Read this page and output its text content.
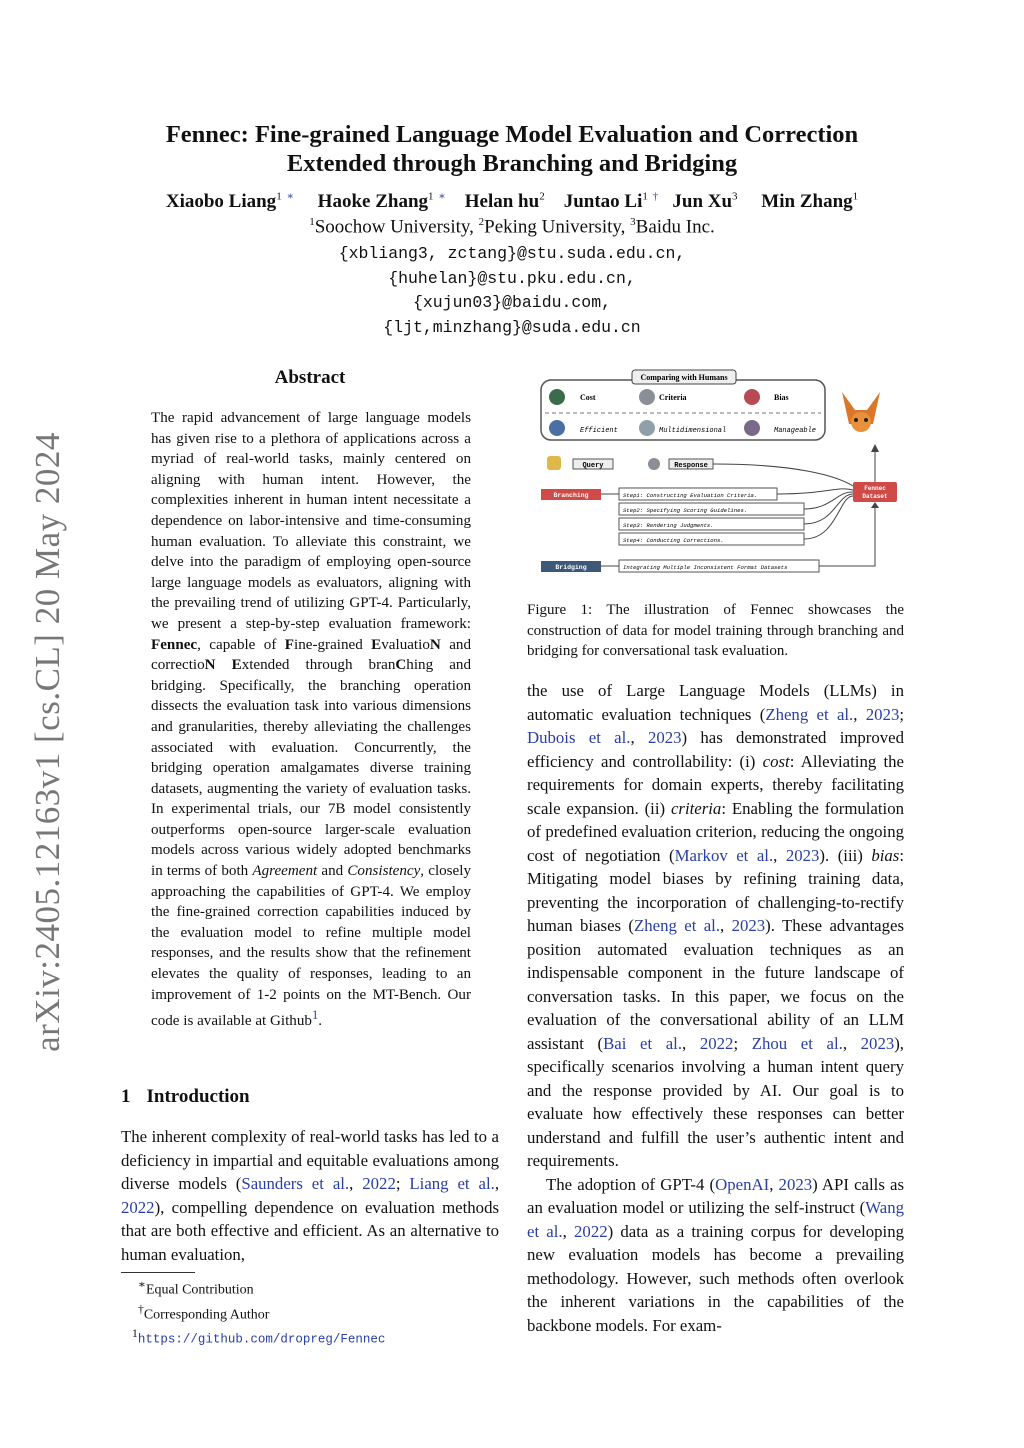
arXiv:2405.12163v1 [cs.CL] 20 May 2024
Fennec: Fine-grained Language Model Evaluation and Correction
Extended through Branching and Bridging
Xiaobo Liang$^1$ ∗ Haoke Zhang$^1$ ∗ Helan $hu^2$ Juntao Li$^1$ † Jun Xu$^3$ Min Zhang$^1$
$^1$Soochow University, $^2$Peking University, $^3$Baidu Inc.
{xbliang3, zctang}@stu.suda.edu.cn,
{huhelan}@stu.pku.edu.cn,
{xujun03}@baidu.com,
{ljt,minzhang}@suda.edu.cn
Abstract
The rapid advancement of large language models has given rise to a plethora of applications across a myriad of real-world tasks, mainly centered on aligning with human intent. However, the complexities inherent in human intent necessitate a dependence on labor-intensive and time-consuming human evaluation. To alleviate this constraint, we delve into the paradigm of employing open-source large language models as evaluators, aligning with the prevailing trend of utilizing GPT-4. Particularly, we present a step-by-step evaluation framework: Fennec, capable of Fine-grained EvaluatioN and correctioN Extended through branChing and bridging. Specifically, the branching operation dissects the evaluation task into various dimensions and granularities, thereby alleviating the challenges associated with evaluation. Concurrently, the bridging operation amalgamates diverse training datasets, augmenting the variety of evaluation tasks. In experimental trials, our 7B model consistently outperforms open-source larger-scale evaluation models across various widely adopted benchmarks in terms of both Agreement and Consistency, closely approaching the capabilities of GPT-4. We employ the fine-grained correction capabilities induced by the evaluation model to refine multiple model responses, and the results show that the refinement elevates the quality of responses, leading to an improvement of 1-2 points on the MT-Bench. Our code is available at Github$^1$.
1 Introduction
The inherent complexity of real-world tasks has led to a deficiency in impartial and equitable evaluations among diverse models (Saunders et al., 2022; Liang et al., 2022), compelling dependence on evaluation methods that are both effective and efficient. As an alternative to human evaluation,
∗Equal Contribution
†Corresponding Author
$^1$https://github.com/dropreg/Fennec
Comparing with Humans
Cost	Criteria	Bias
Efficient	Multidimensional	Manageable
Query	Response
Branching	Step1: Constructing Evaluation Criteria.
Step2: Specifying Scoring Guidelines.
Step3: Rendering Judgments.
Step4: Conducting Corrections.
Fennec
Dataset
Bridging	Integrating Multiple Inconsistent Format Datasets
Figure 1: The illustration of Fennec showcases the construction of data for model training through branching and bridging for conversational task evaluation.

the use of Large Language Models (LLMs) in automatic evaluation techniques (Zheng et al., 2023; Dubois et al., 2023) has demonstrated improved efficiency and controllability: (i) cost: Alleviating the requirements for domain experts, thereby facilitating scale expansion. (ii) criteria: Enabling the formulation of predefined evaluation criterion, reducing the ongoing cost of negotiation (Markov et al., 2023). (iii) bias: Mitigating model biases by refining training data, preventing the incorporation of challenging-to-rectify human biases (Zheng et al., 2023). These advantages position automated evaluation techniques as an indispensable component in the future landscape of conversation tasks. In this paper, we focus on the evaluation of the conversational ability of an LLM assistant (Bai et al., 2022; Zhou et al., 2023), specifically scenarios involving a human intent query and the response provided by AI. Our goal is to evaluate how effectively these responses can better understand and fulfill the user’s authentic intent and requirements.

The adoption of GPT-4 (OpenAI, 2023) API calls as an evaluation model or utilizing the self-instruct (Wang et al., 2022) data as a training corpus for developing new evaluation models has become a prevailing methodology. However, such methods often overlook the inherent variations in the capabilities of the backbone models. For exam-
